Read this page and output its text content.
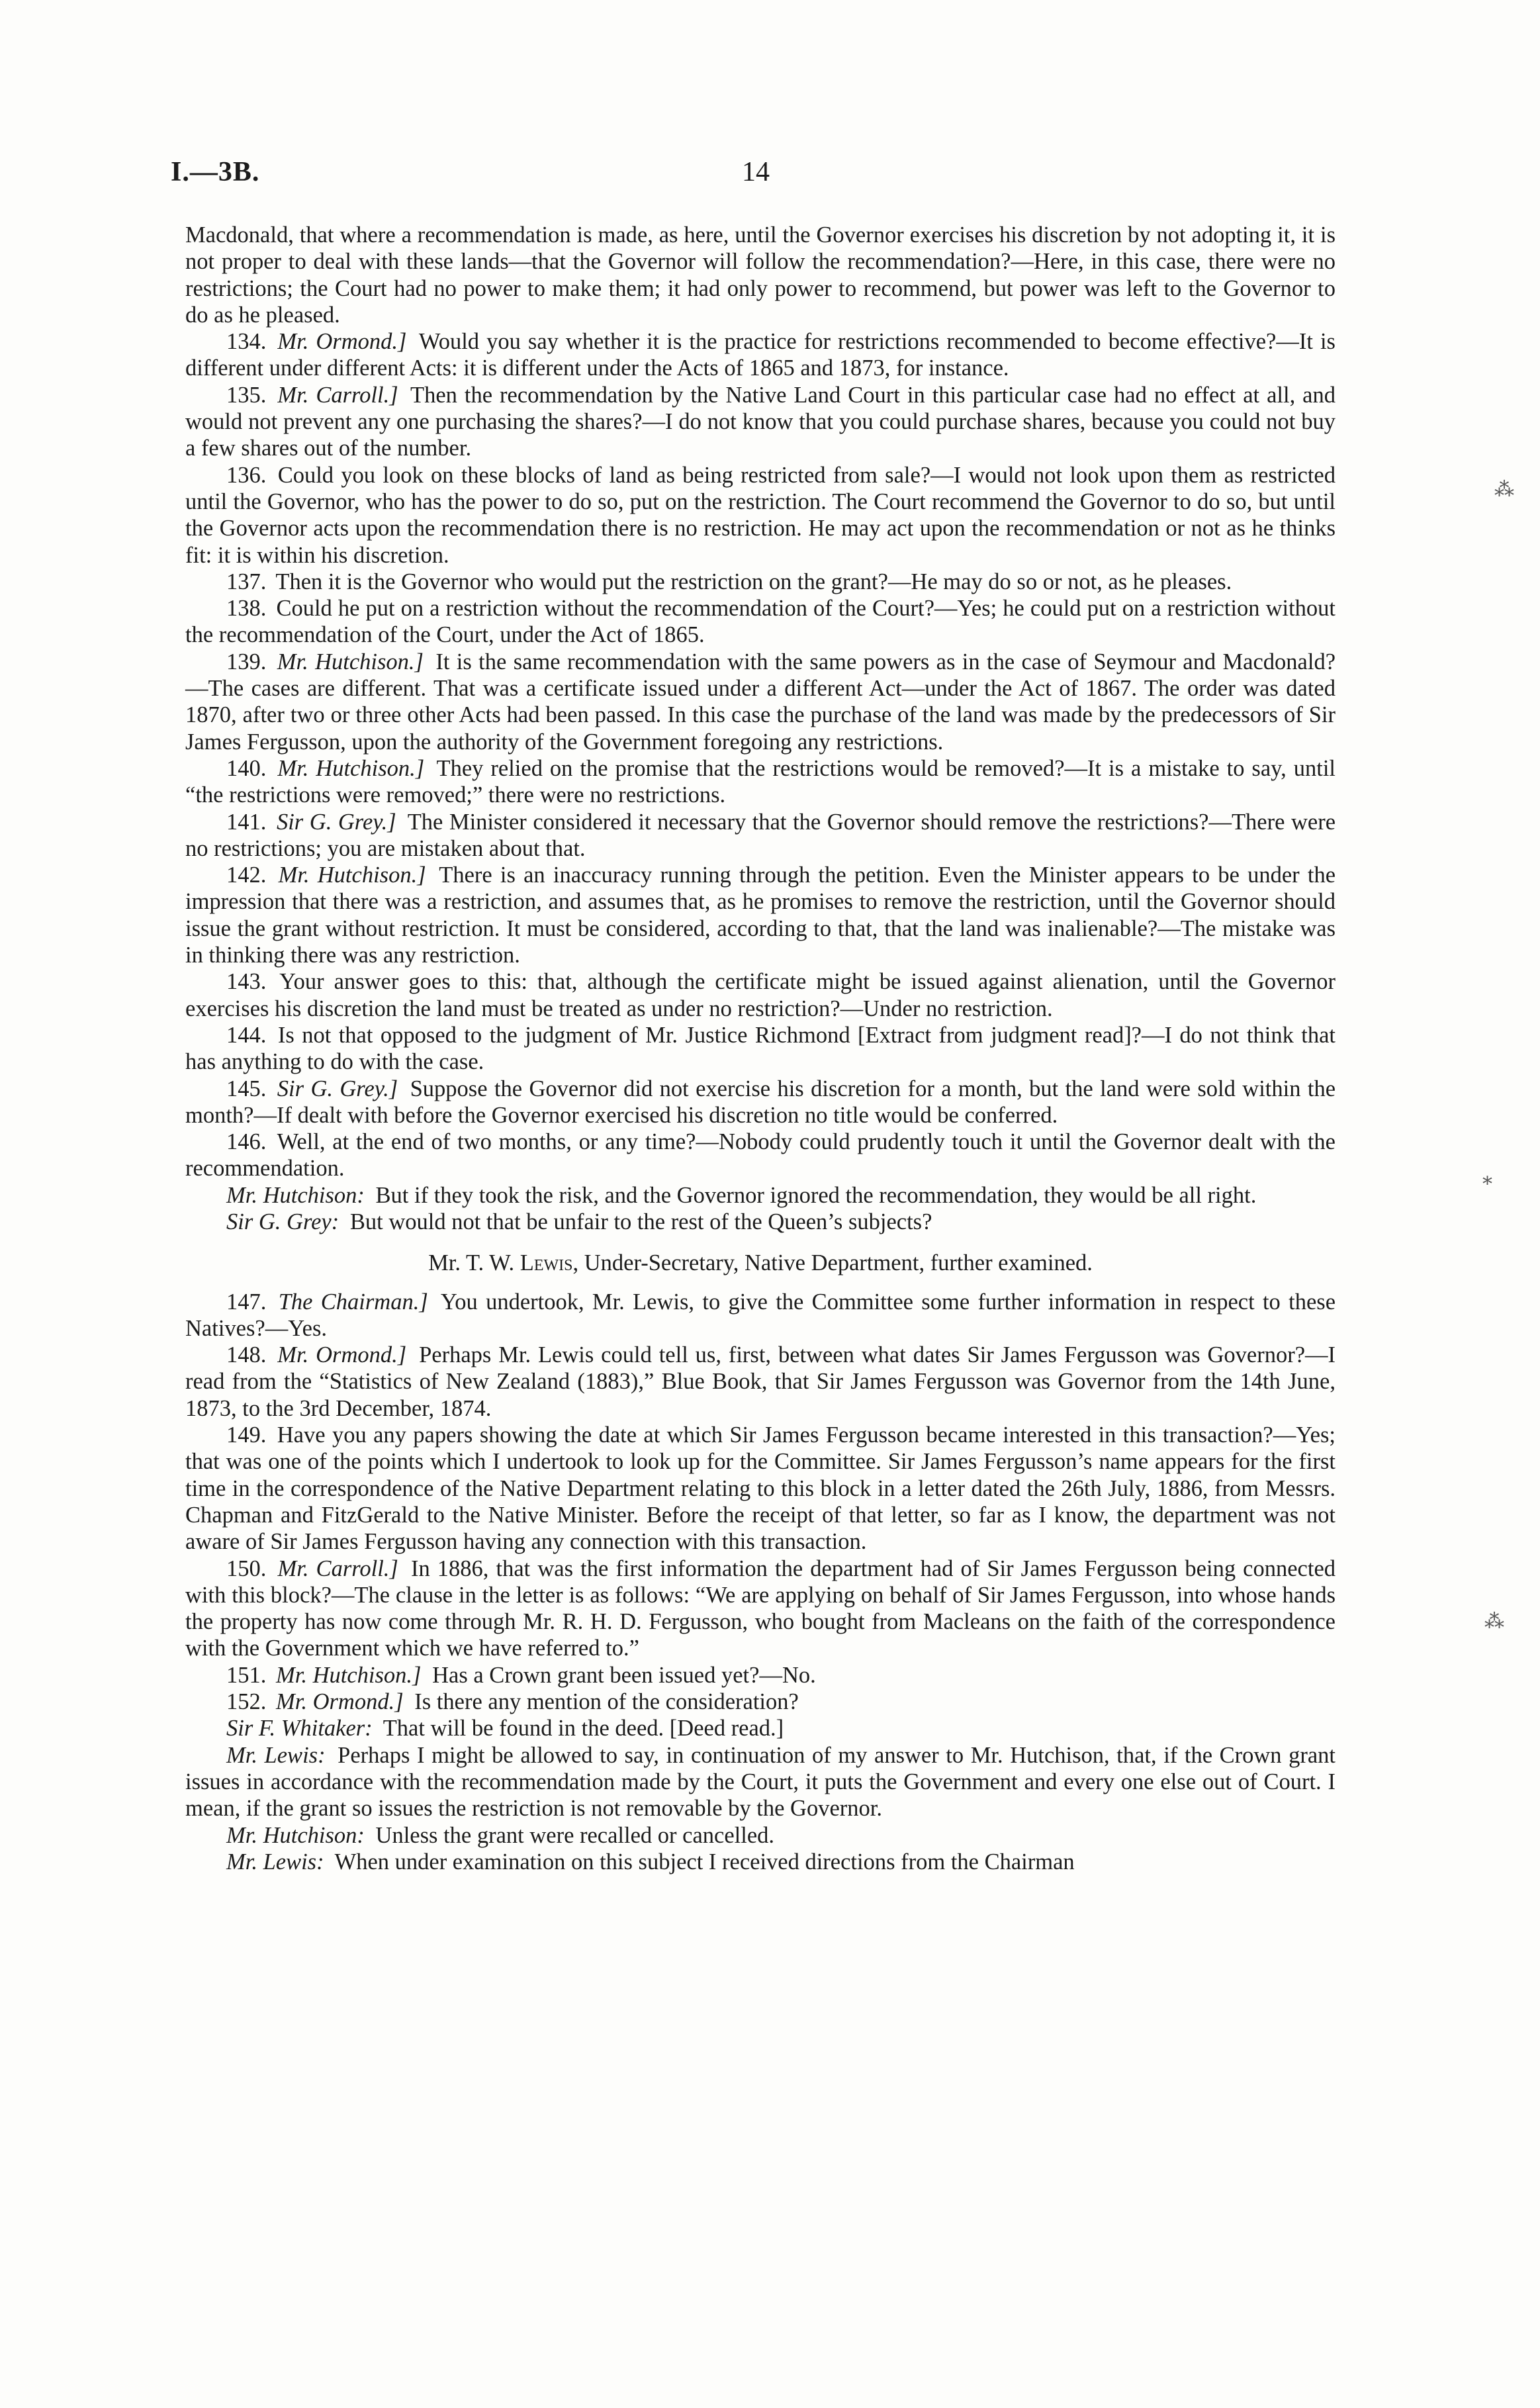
I.—3B.	14

Macdonald, that where a recommendation is made, as here, until the Governor exercises his discretion by not adopting it, it is not proper to deal with these lands—that the Governor will follow the recommendation?—Here, in this case, there were no restrictions; the Court had no power to make them; it had only power to recommend, but power was left to the Governor to do as he pleased.

134. Mr. Ormond.] Would you say whether it is the practice for restrictions recommended to become effective?—It is different under different Acts: it is different under the Acts of 1865 and 1873, for instance.

135. Mr. Carroll.] Then the recommendation by the Native Land Court in this particular case had no effect at all, and would not prevent any one purchasing the shares?—I do not know that you could purchase shares, because you could not buy a few shares out of the number.

136. Could you look on these blocks of land as being restricted from sale?—I would not look upon them as restricted until the Governor, who has the power to do so, put on the restriction. The Court recommend the Governor to do so, but until the Governor acts upon the recommendation there is no restriction. He may act upon the recommendation or not as he thinks fit: it is within his discretion.

137. Then it is the Governor who would put the restriction on the grant?—He may do so or not, as he pleases.

138. Could he put on a restriction without the recommendation of the Court?—Yes; he could put on a restriction without the recommendation of the Court, under the Act of 1865.

139. Mr. Hutchison.] It is the same recommendation with the same powers as in the case of Seymour and Macdonald?—The cases are different. That was a certificate issued under a different Act—under the Act of 1867. The order was dated 1870, after two or three other Acts had been passed. In this case the purchase of the land was made by the predecessors of Sir James Fergusson, upon the authority of the Government foregoing any restrictions.

140. Mr. Hutchison.] They relied on the promise that the restrictions would be removed?—It is a mistake to say, until “the restrictions were removed;” there were no restrictions.

141. Sir G. Grey.] The Minister considered it necessary that the Governor should remove the restrictions?—There were no restrictions; you are mistaken about that.

142. Mr. Hutchison.] There is an inaccuracy running through the petition. Even the Minister appears to be under the impression that there was a restriction, and assumes that, as he promises to remove the restriction, until the Governor should issue the grant without restriction. It must be considered, according to that, that the land was inalienable?—The mistake was in thinking there was any restriction.

143. Your answer goes to this: that, although the certificate might be issued against alienation, until the Governor exercises his discretion the land must be treated as under no restriction?—Under no restriction.

144. Is not that opposed to the judgment of Mr. Justice Richmond [Extract from judgment read]?—I do not think that has anything to do with the case.

145. Sir G. Grey.] Suppose the Governor did not exercise his discretion for a month, but the land were sold within the month?—If dealt with before the Governor exercised his discretion no title would be conferred.

146. Well, at the end of two months, or any time?—Nobody could prudently touch it until the Governor dealt with the recommendation.

Mr. Hutchison: But if they took the risk, and the Governor ignored the recommendation, they would be all right.

Sir G. Grey: But would not that be unfair to the rest of the Queen’s subjects?

Mr. T. W. Lewis, Under-Secretary, Native Department, further examined.

147. The Chairman.] You undertook, Mr. Lewis, to give the Committee some further information in respect to these Natives?—Yes.

148. Mr. Ormond.] Perhaps Mr. Lewis could tell us, first, between what dates Sir James Fergusson was Governor?—I read from the “Statistics of New Zealand (1883),” Blue Book, that Sir James Fergusson was Governor from the 14th June, 1873, to the 3rd December, 1874.

149. Have you any papers showing the date at which Sir James Fergusson became interested in this transaction?—Yes; that was one of the points which I undertook to look up for the Committee. Sir James Fergusson’s name appears for the first time in the correspondence of the Native Department relating to this block in a letter dated the 26th July, 1886, from Messrs. Chapman and FitzGerald to the Native Minister. Before the receipt of that letter, so far as I know, the department was not aware of Sir James Fergusson having any connection with this transaction.

150. Mr. Carroll.] In 1886, that was the first information the department had of Sir James Fergusson being connected with this block?—The clause in the letter is as follows: “We are applying on behalf of Sir James Fergusson, into whose hands the property has now come through Mr. R. H. D. Fergusson, who bought from Macleans on the faith of the correspondence with the Government which we have referred to.”

151. Mr. Hutchison.] Has a Crown grant been issued yet?—No.

152. Mr. Ormond.] Is there any mention of the consideration?

Sir F. Whitaker: That will be found in the deed. [Deed read.]

Mr. Lewis: Perhaps I might be allowed to say, in continuation of my answer to Mr. Hutchison, that, if the Crown grant issues in accordance with the recommendation made by the Court, it puts the Government and every one else out of Court. I mean, if the grant so issues the restriction is not removable by the Governor.

Mr. Hutchison: Unless the grant were recalled or cancelled.

Mr. Lewis: When under examination on this subject I received directions from the Chairman

⁂
⁎
⁂
